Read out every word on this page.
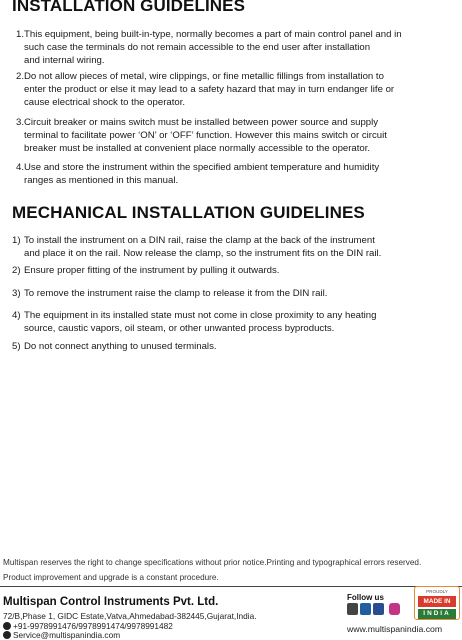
INSTALLATION GUIDELINES
1. This equipment, being built-in-type, normally becomes a part of main control panel and in
such case the terminals do not remain accessible to the end user after installation
and internal wiring.
2. Do not allow pieces of metal, wire clippings, or fine metallic fillings from installation to
enter the product or else it may lead to a safety hazard that may in turn endanger life or
cause electrical shock to the operator.
3. Circuit breaker or mains switch must be installed between power source and supply
terminal to facilitate power ‘ON’ or ‘OFF’ function. However this mains switch or circuit
breaker must be installed at convenient place normally accessible to the operator.
4. Use and store the instrument within the specified ambient temperature and humidity
ranges as mentioned in this manual.
MECHANICAL INSTALLATION GUIDELINES
1) To install the instrument on a DIN rail, raise the clamp at the back of the instrument
and place it on the rail. Now release the clamp, so the instrument fits on the DIN rail.
2) Ensure proper fitting of the instrument by pulling it outwards.
3) To remove the instrument raise the clamp to release it from the DIN rail.
4) The equipment in its installed state must not come in close proximity to any heating
source, caustic vapors, oil steam, or other unwanted process byproducts.
5) Do not connect anything to unused terminals.
Multispan reserves the right to change specifications without prior notice.Printing and typographical errors reserved.
Product improvement and upgrade is a constant procedure.
Multispan Control Instruments Pvt. Ltd.
72/B,Phase 1, GIDC Estate,Vatva,Ahmedabad-382445,Gujarat,India.
+91-9978991476/9978991474/9978991482
Service@multispanindia.com
Follow us
www.multispanindia.com
PROUDLY
MADE IN
INDIA
